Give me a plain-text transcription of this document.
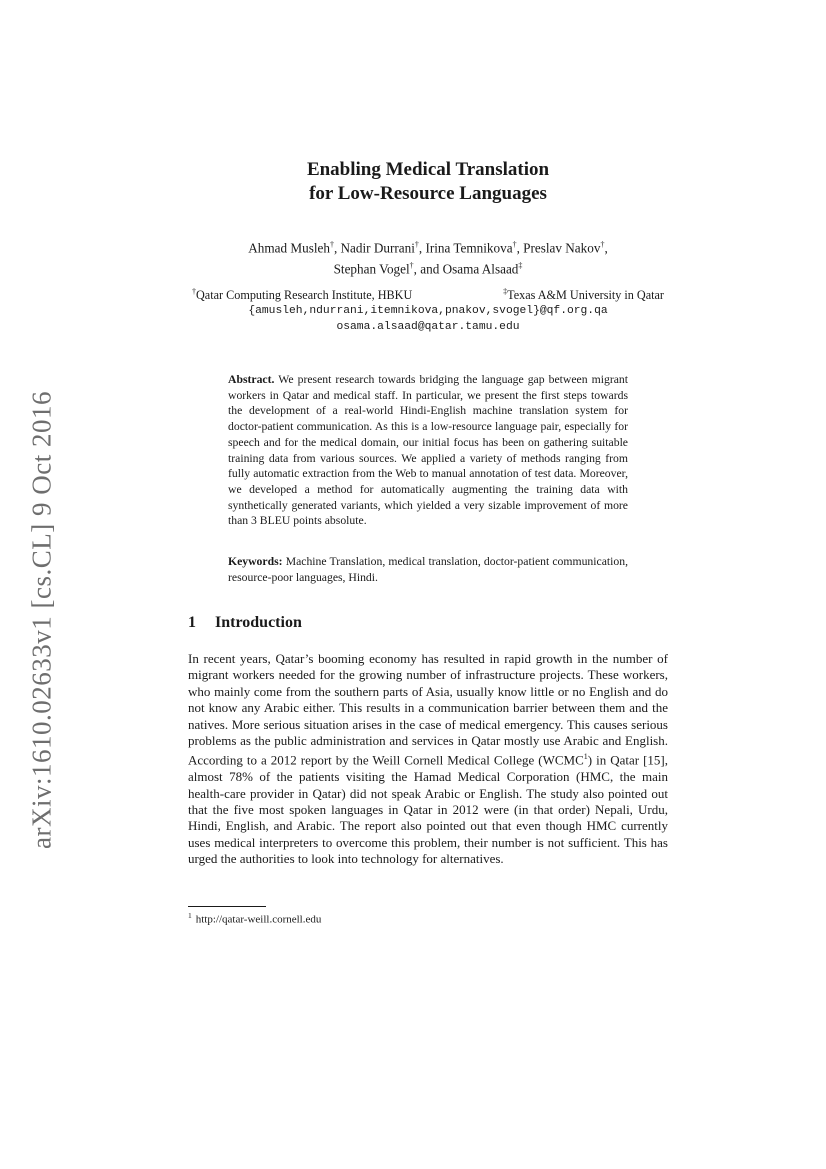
arXiv:1610.02633v1 [cs.CL] 9 Oct 2016
Enabling Medical Translation
for Low-Resource Languages
Ahmad Musleh†, Nadir Durrani†, Irina Temnikova†, Preslav Nakov†,
Stephan Vogel†, and Osama Alsaad‡
†Qatar Computing Research Institute, HBKU	‡Texas A&M University in Qatar
{amusleh,ndurrani,itemnikova,pnakov,svogel}@qf.org.qa
osama.alsaad@qatar.tamu.edu
Abstract. We present research towards bridging the language gap between migrant workers in Qatar and medical staff. In particular, we present the first steps towards the development of a real-world Hindi-English machine translation system for doctor-patient communication. As this is a low-resource language pair, especially for speech and for the medical domain, our initial focus has been on gathering suitable training data from various sources. We applied a variety of methods ranging from fully automatic extraction from the Web to manual annotation of test data. Moreover, we developed a method for automatically augmenting the training data with synthetically generated variants, which yielded a very sizable improvement of more than 3 BLEU points absolute.
Keywords: Machine Translation, medical translation, doctor-patient communication, resource-poor languages, Hindi.
1 Introduction
In recent years, Qatar’s booming economy has resulted in rapid growth in the number of migrant workers needed for the growing number of infrastructure projects. These workers, who mainly come from the southern parts of Asia, usually know little or no English and do not know any Arabic either. This results in a communication barrier between them and the natives. More serious situation arises in the case of medical emergency. This causes serious problems as the public administration and services in Qatar mostly use Arabic and English. According to a 2012 report by the Weill Cornell Medical College (WCMC$^1$) in Qatar [15], almost 78% of the patients visiting the Hamad Medical Corporation (HMC, the main health-care provider in Qatar) did not speak Arabic or English. The study also pointed out that the five most spoken languages in Qatar in 2012 were (in that order) Nepali, Urdu, Hindi, English, and Arabic. The report also pointed out that even though HMC currently uses medical interpreters to overcome this problem, their number is not sufficient. This has urged the authorities to look into technology for alternatives.
$^1$ http://qatar-weill.cornell.edu
